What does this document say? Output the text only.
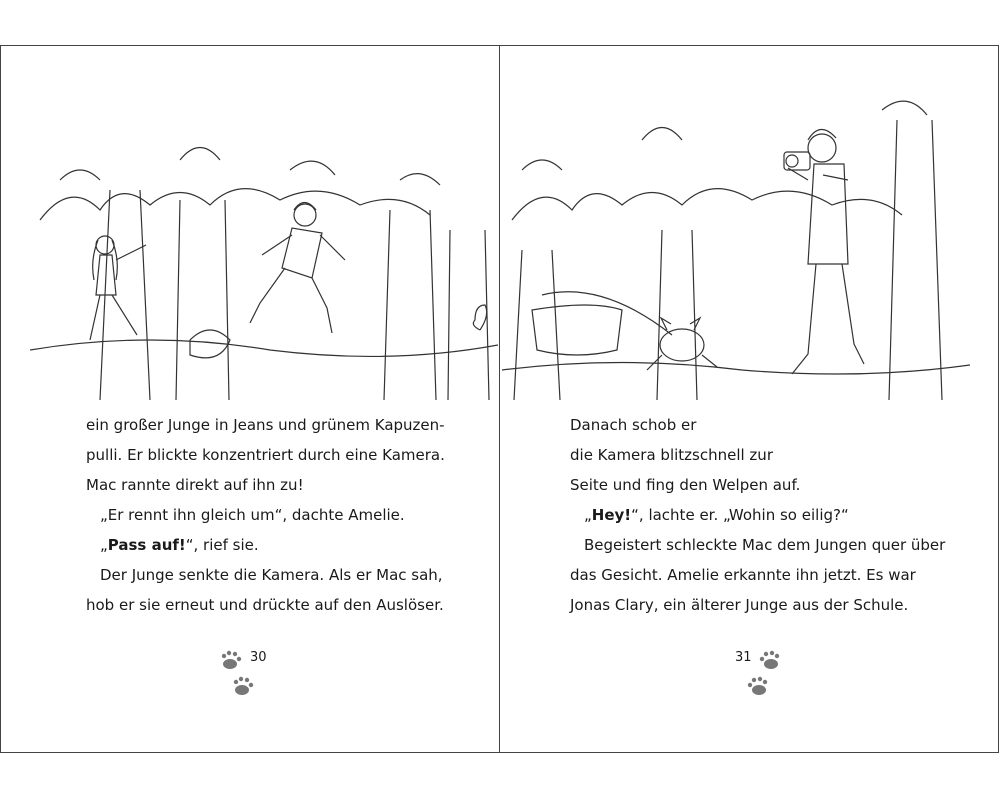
ein großer Junge in Jeans und grünem Kapuzen-

pulli. Er blickte konzentriert durch eine Kamera.

Mac rannte direkt auf ihn zu!

„Er rennt ihn gleich um“, dachte Amelie.

„Pass auf!“, rief sie.

Der Junge senkte die Kamera. Als er Mac sah,

hob er sie erneut und drückte auf den Auslöser.

Danach schob er

die Kamera blitzschnell zur

Seite und fing den Welpen auf.

„Hey!“, lachte er. „Wohin so eilig?“

Begeistert schleckte Mac dem Jungen quer über

das Gesicht. Amelie erkannte ihn jetzt. Es war

Jonas Clary, ein älterer Junge aus der Schule.

30	31
